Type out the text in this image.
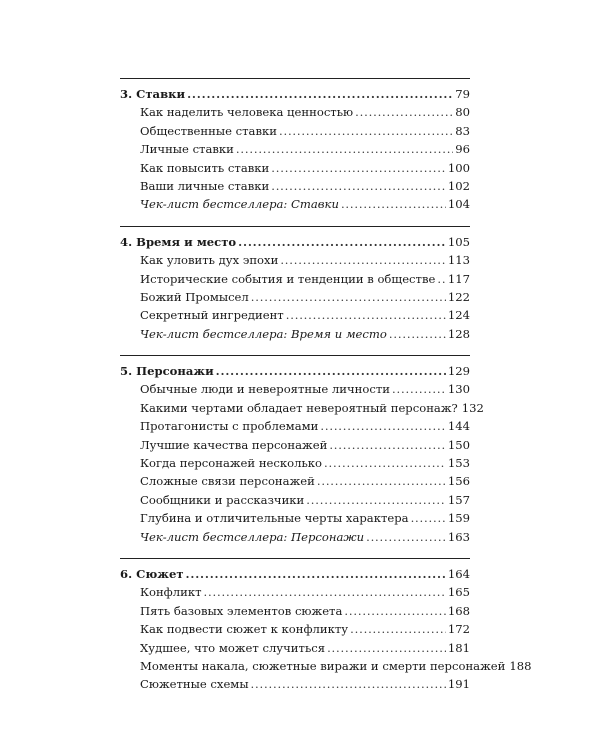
3. Ставки .....	79
Как наделить человека ценностью .....	80
Общественные ставки .....	83
Личные ставки .....	96
Как повысить ставки .....	100
Ваши личные ставки .....	102
Чек-лист бестселлера: Ставки .....	104
4. Время и место .....	105
Как уловить дух эпохи .....	113
Исторические события и тенденции в обществе ..... 117
Божий Промысел .....	122
Секретный ингредиент .....	124
Чек-лист бестселлера: Время и место .....	128
5. Персонажи .....	129
Обычные люди и невероятные личности .....	130
Какими чертами обладает невероятный персонаж? 132
Протагонисты с проблемами .....	144
Лучшие качества персонажей .....	150
Когда персонажей несколько .....	153
Сложные связи персонажей .....	156
Сообщники и рассказчики .....	157
Глубина и отличительные черты характера .....	159
Чек-лист бестселлера: Персонажи .....	163
6. Сюжет .....	164
Конфликт .....	165
Пять базовых элементов сюжета .....	168
Как подвести сюжет к конфликту .....	172
Худшее, что может случиться .....	181
Моменты накала, сюжетные виражи и смерти персонажей 188
Сюжетные схемы .....	191
